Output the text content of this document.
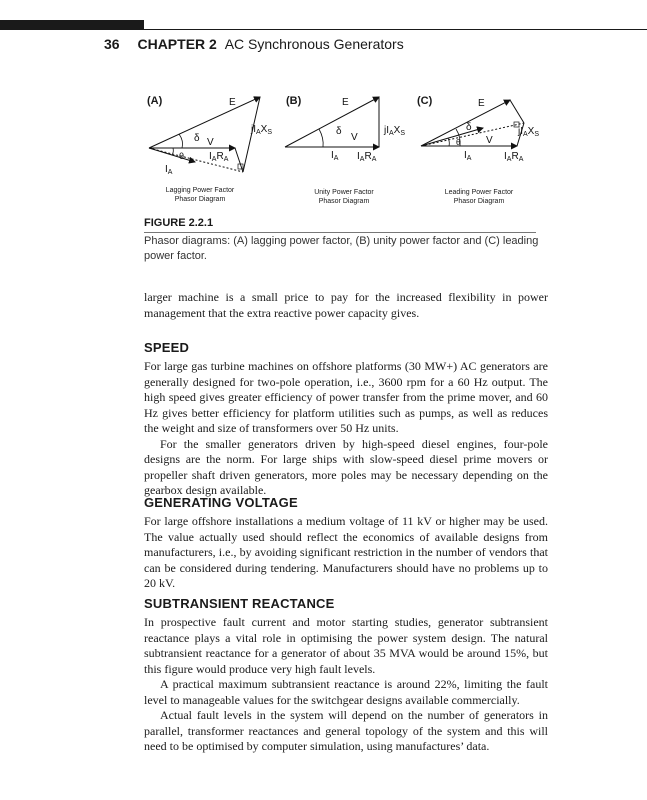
36 CHAPTER 2 AC Synchronous Generators
E
δ V
θ
$I_A$
$I_AR_A$
$jI_AX_S$
E
δ
V
$I_A$ $I_AR_A$
$jI_AX_S$
E
δ
θ	V
$I_A$	$I_AR_A$
$jI_AX_S$
(A)	(B)	(C)
Lagging Power Factor
Phasor Diagram
Unity Power Factor
Phasor Diagram
Leading Power Factor
Phasor Diagram
FIGURE 2.2.1
Phasor diagrams: (A) lagging power factor, (B) unity power factor and (C) leading power factor.

larger machine is a small price to pay for the increased flexibility in power management that the extra reactive power capacity gives.

SPEED

For large gas turbine machines on offshore platforms (30 MW+) AC generators are generally designed for two-pole operation, i.e., 3600 rpm for a 60 Hz output. The high speed gives greater efficiency of power transfer from the prime mover, and 60 Hz gives better efficiency for platform utilities such as pumps, as well as reduces the weight and size of transformers over 50 Hz units.

For the smaller generators driven by high-speed diesel engines, four-pole designs are the norm. For large ships with slow-speed diesel prime movers or propeller shaft driven generators, more poles may be necessary depending on the gearbox design available.

GENERATING VOLTAGE

For large offshore installations a medium voltage of 11 kV or higher may be used. The value actually used should reflect the economics of available designs from manufacturers, i.e., by avoiding significant restriction in the number of vendors that can be considered during tendering. Manufacturers should have no problems up to 20 kV.

SUBTRANSIENT REACTANCE

In prospective fault current and motor starting studies, generator subtransient reactance plays a vital role in optimising the power system design. The natural subtransient reactance for a generator of about 35 MVA would be around 15%, but this figure would produce very high fault levels.

A practical maximum subtransient reactance is around 22%, limiting the fault level to manageable values for the switchgear designs available commercially.

Actual fault levels in the system will depend on the number of generators in parallel, transformer reactances and general topology of the system and this will need to be optimised by computer simulation, using manufactures’ data.
